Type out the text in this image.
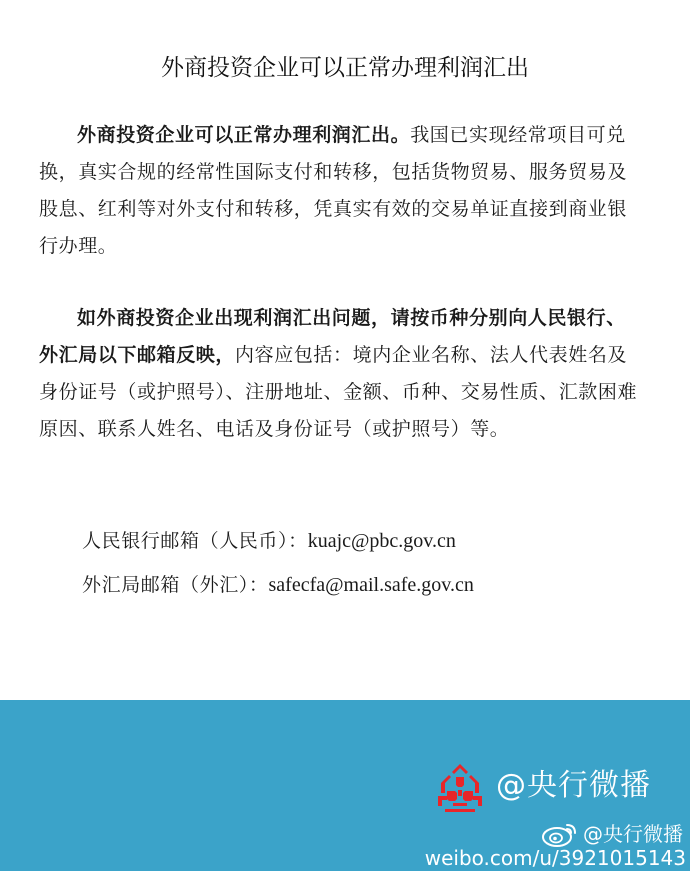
外商投资企业可以正常办理利润汇出

外商投资企业可以正常办理利润汇出。我国已实现经常项目可兑换，真实合规的经常性国际支付和转移，包括货物贸易、服务贸易及股息、红利等对外支付和转移，凭真实有效的交易单证直接到商业银行办理。

如外商投资企业出现利润汇出问题，请按币种分别向人民银行、外汇局以下邮箱反映，内容应包括：境内企业名称、法人代表姓名及身份证号（或护照号）、注册地址、金额、币种、交易性质、汇款困难原因、联系人姓名、电话及身份证号（或护照号）等。

人民银行邮箱（人民币）：kuajc@pbc.gov.cn
外汇局邮箱（外汇）：safecfa@mail.safe.gov.cn
@央行微播
@央行微播
weibo.com/u/3921015143
